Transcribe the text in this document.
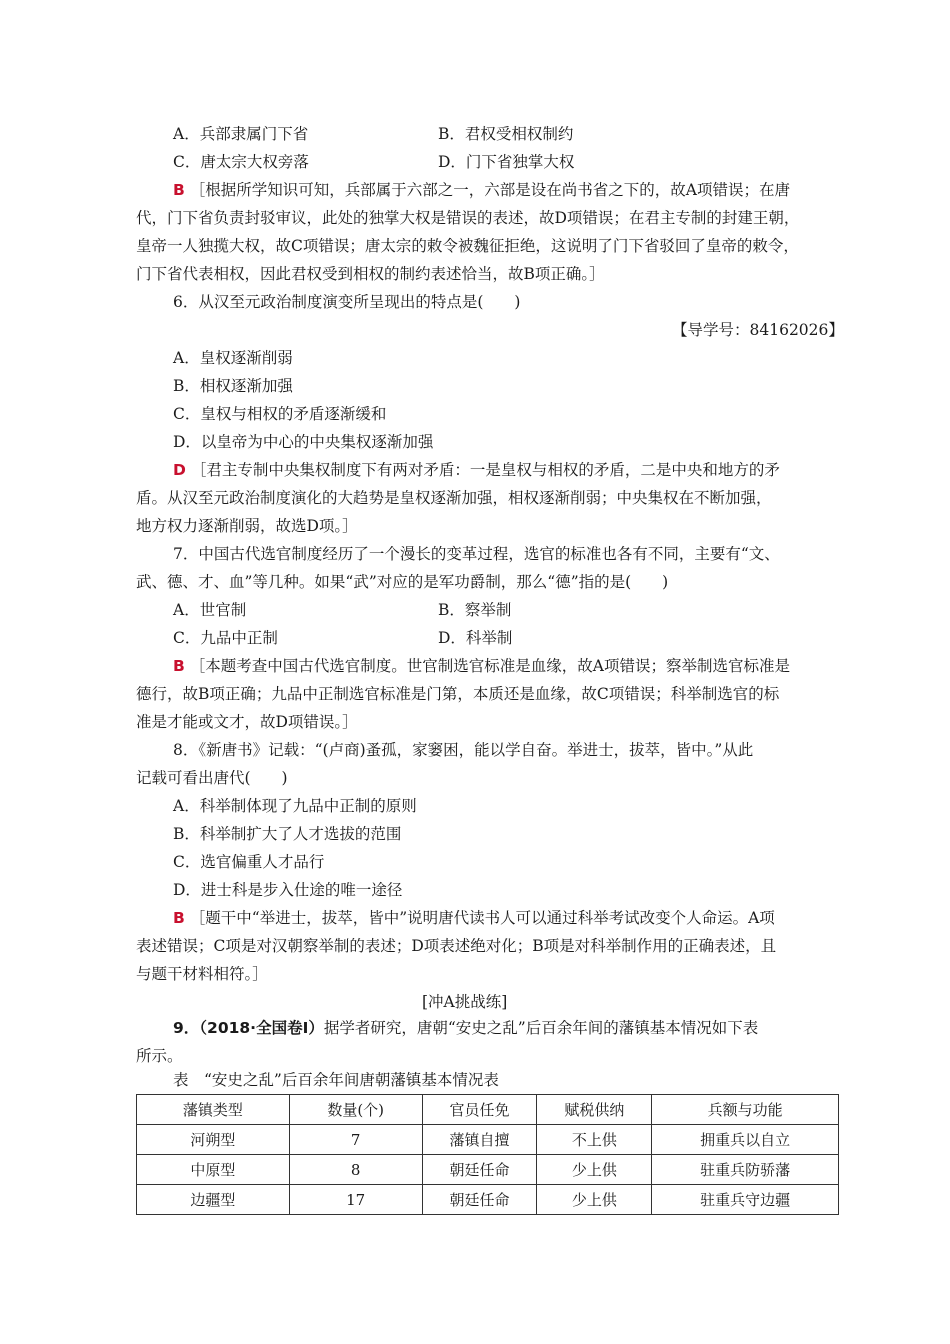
A．兵部隶属门下省	B．君权受相权制约
C．唐太宗大权旁落	D．门下省独掌大权
B ［根据所学知识可知，兵部属于六部之一，六部是设在尚书省之下的，故A项错误；在唐
代，门下省负责封驳审议，此处的独掌大权是错误的表述，故D项错误；在君主专制的封建王朝，
皇帝一人独揽大权，故C项错误；唐太宗的敕令被魏征拒绝，这说明了门下省驳回了皇帝的敕令，
门下省代表相权，因此君权受到相权的制约表述恰当，故B项正确。］
6．从汉至元政治制度演变所呈现出的特点是(　　)
【导学号：84162026】
A．皇权逐渐削弱
B．相权逐渐加强
C．皇权与相权的矛盾逐渐缓和
D．以皇帝为中心的中央集权逐渐加强
D ［君主专制中央集权制度下有两对矛盾：一是皇权与相权的矛盾，二是中央和地方的矛
盾。从汉至元政治制度演化的大趋势是皇权逐渐加强，相权逐渐削弱；中央集权在不断加强，
地方权力逐渐削弱，故选D项。］
7．中国古代选官制度经历了一个漫长的变革过程，选官的标准也各有不同，主要有“文、
武、德、才、血”等几种。如果“武”对应的是军功爵制，那么“德”指的是(　　)
A．世官制	B．察举制
C．九品中正制	D．科举制
B ［本题考查中国古代选官制度。世官制选官标准是血缘，故A项错误；察举制选官标准是
德行，故B项正确；九品中正制选官标准是门第，本质还是血缘，故C项错误；科举制选官的标
准是才能或文才，故D项错误。］
8．《新唐书》记载：“(卢商)蚤孤，家窭困，能以学自奋。举进士，拔萃，皆中。”从此
记载可看出唐代(　　)
A．科举制体现了九品中正制的原则
B．科举制扩大了人才选拔的范围
C．选官偏重人才品行
D．进士科是步入仕途的唯一途径
B ［题干中“举进士，拔萃，皆中”说明唐代读书人可以通过科举考试改变个人命运。A项
表述错误；C项是对汉朝察举制的表述；D项表述绝对化；B项是对科举制作用的正确表述，且
与题干材料相符。］
[冲A挑战练]
9．（2018·全国卷Ⅰ）据学者研究，唐朝“安史之乱”后百余年间的藩镇基本情况如下表
所示。
表　“安史之乱”后百余年间唐朝藩镇基本情况表
藩镇类型	数量(个)	官员任免	赋税供纳	兵额与功能
河朔型	7	藩镇自擅	不上供	拥重兵以自立
中原型	8	朝廷任命	少上供	驻重兵防骄藩
边疆型	17	朝廷任命	少上供	驻重兵守边疆
